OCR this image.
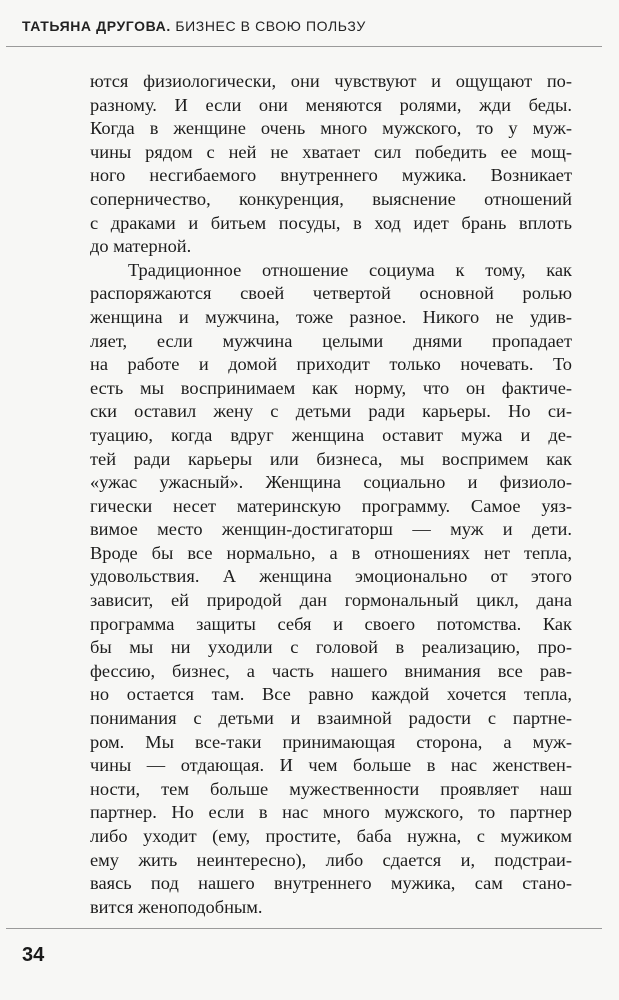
ТАТЬЯНА ДРУГОВА. БИЗНЕС В СВОЮ ПОЛЬЗУ
ются физиологически, они чувствуют и ощущают по-
разному. И если они меняются ролями, жди беды.
Когда в женщине очень много мужского, то у муж-
чины рядом с ней не хватает сил победить ее мощ-
ного несгибаемого внутреннего мужика. Возникает
соперничество, конкуренция, выяснение отношений
с драками и битьем посуды, в ход идет брань вплоть
до матерной.
Традиционное отношение социума к тому, как
распоряжаются своей четвертой основной ролью
женщина и мужчина, тоже разное. Никого не удив-
ляет, если мужчина целыми днями пропадает
на работе и домой приходит только ночевать. То
есть мы воспринимаем как норму, что он фактиче-
ски оставил жену с детьми ради карьеры. Но си-
туацию, когда вдруг женщина оставит мужа и де-
тей ради карьеры или бизнеса, мы воспримем как
«ужас ужасный». Женщина социально и физиоло-
гически несет материнскую программу. Самое уяз-
вимое место женщин-достигаторш — муж и дети.
Вроде бы все нормально, а в отношениях нет тепла,
удовольствия. А женщина эмоционально от этого
зависит, ей природой дан гормональный цикл, дана
программа защиты себя и своего потомства. Как
бы мы ни уходили с головой в реализацию, про-
фессию, бизнес, а часть нашего внимания все рав-
но остается там. Все равно каждой хочется тепла,
понимания с детьми и взаимной радости с партне-
ром. Мы все-таки принимающая сторона, а муж-
чины — отдающая. И чем больше в нас женствен-
ности, тем больше мужественности проявляет наш
партнер. Но если в нас много мужского, то партнер
либо уходит (ему, простите, баба нужна, с мужиком
ему жить неинтересно), либо сдается и, подстраи-
ваясь под нашего внутреннего мужика, сам стано-
вится женоподобным.
34
